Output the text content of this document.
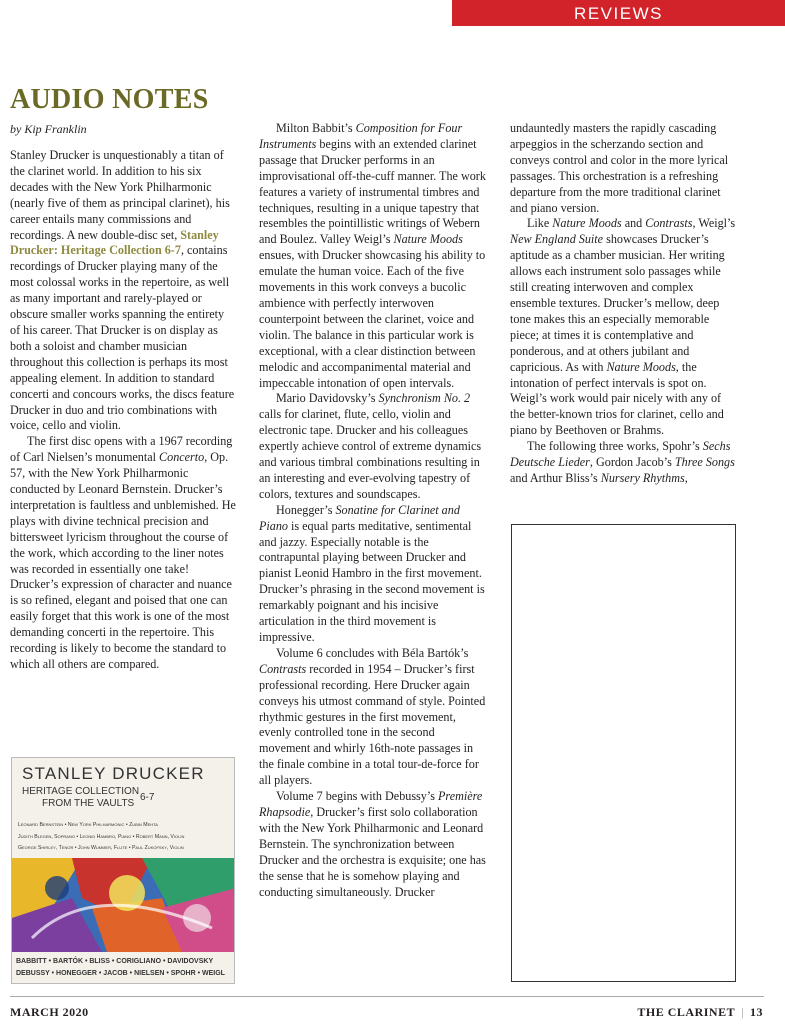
REVIEWS
AUDIO NOTES
by Kip Franklin

Stanley Drucker is unquestionably a titan of the clarinet world. In addition to his six decades with the New York Philharmonic (nearly five of them as principal clarinet), his career entails many commissions and recordings. A new double-disc set, Stanley Drucker: Heritage Collection 6-7, contains recordings of Drucker playing many of the most colossal works in the repertoire, as well as many important and rarely-played or obscure smaller works spanning the entirety of his career. That Drucker is on display as both a soloist and chamber musician throughout this collection is perhaps its most appealing element. In addition to standard concerti and concours works, the discs feature Drucker in duo and trio combinations with voice, cello and violin.

The first disc opens with a 1967 recording of Carl Nielsen’s monumental Concerto, Op. 57, with the New York Philharmonic conducted by Leonard Bernstein. Drucker’s interpretation is faultless and unblemished. He plays with divine technical precision and bittersweet lyricism throughout the course of the work, which according to the liner notes was recorded in essentially one take! Drucker’s expression of character and nuance is so refined, elegant and poised that one can easily forget that this work is one of the most demanding concerti in the repertoire. This recording is likely to become the standard to which all others are compared.

Milton Babbit’s Composition for Four Instruments begins with an extended clarinet passage that Drucker performs in an improvisational off-the-cuff manner. The work features a variety of instrumental timbres and techniques, resulting in a unique tapestry that resembles the pointillistic writings of Webern and Boulez. Valley Weigl’s Nature Moods ensues, with Drucker showcasing his ability to emulate the human voice. Each of the five movements in this work conveys a bucolic ambience with perfectly interwoven counterpoint between the clarinet, voice and violin. The balance in this particular work is exceptional, with a clear distinction between melodic and accompanimental material and impeccable intonation of open intervals.

Mario Davidovsky’s Synchronism No. 2 calls for clarinet, flute, cello, violin and electronic tape. Drucker and his colleagues expertly achieve control of extreme dynamics and various timbral combinations resulting in an interesting and ever-evolving tapestry of colors, textures and soundscapes.

Honegger’s Sonatine for Clarinet and Piano is equal parts meditative, sentimental and jazzy. Especially notable is the contrapuntal playing between Drucker and pianist Leonid Hambro in the first movement. Drucker’s phrasing in the second movement is remarkably poignant and his incisive articulation in the third movement is impressive.

Volume 6 concludes with Béla Bartók’s Contrasts recorded in 1954 – Drucker’s first professional recording. Here Drucker again conveys his utmost command of style. Pointed rhythmic gestures in the first movement, evenly controlled tone in the second movement and whirly 16th-note passages in the finale combine in a total tour-de-force for all players.

Volume 7 begins with Debussy’s Première Rhapsodie, Drucker’s first solo collaboration with the New York Philharmonic and Leonard Bernstein. The synchronization between Drucker and the orchestra is exquisite; one has the sense that he is somehow playing and conducting simultaneously. Drucker

undauntedly masters the rapidly cascading arpeggios in the scherzando section and conveys control and color in the more lyrical passages. This orchestration is a refreshing departure from the more traditional clarinet and piano version.

Like Nature Moods and Contrasts, Weigl’s New England Suite showcases Drucker’s aptitude as a chamber musician. Her writing allows each instrument solo passages while still creating interwoven and complex ensemble textures. Drucker’s mellow, deep tone makes this an especially memorable piece; at times it is contemplative and ponderous, and at others jubilant and capricious. As with Nature Moods, the intonation of perfect intervals is spot on. Weigl’s work would pair nicely with any of the better-known trios for clarinet, cello and piano by Beethoven or Brahms.

The following three works, Spohr’s Sechs Deutsche Lieder, Gordon Jacob’s Three Songs and Arthur Bliss’s Nursery Rhythms,

STANLEY DRUCKER
HERITAGE COLLECTION
FROM THE VAULTS
6-7
Leonard Bernstein • New York Philharmonic • Zubin Mehta
Judith Blegen, Soprano • Leonid Hambro, Piano • Robert Mann, Violin
George Shirley, Tenor • John Wummer, Flute • Paul Zukofsky, Violin
BABBITT • BARTÓK • BLISS • CORIGLIANO • DAVIDOVSKY
DEBUSSY • HONEGGER • JACOB • NIELSEN • SPOHR • WEIGL
MARCH 2020	THE CLARINET | 13
